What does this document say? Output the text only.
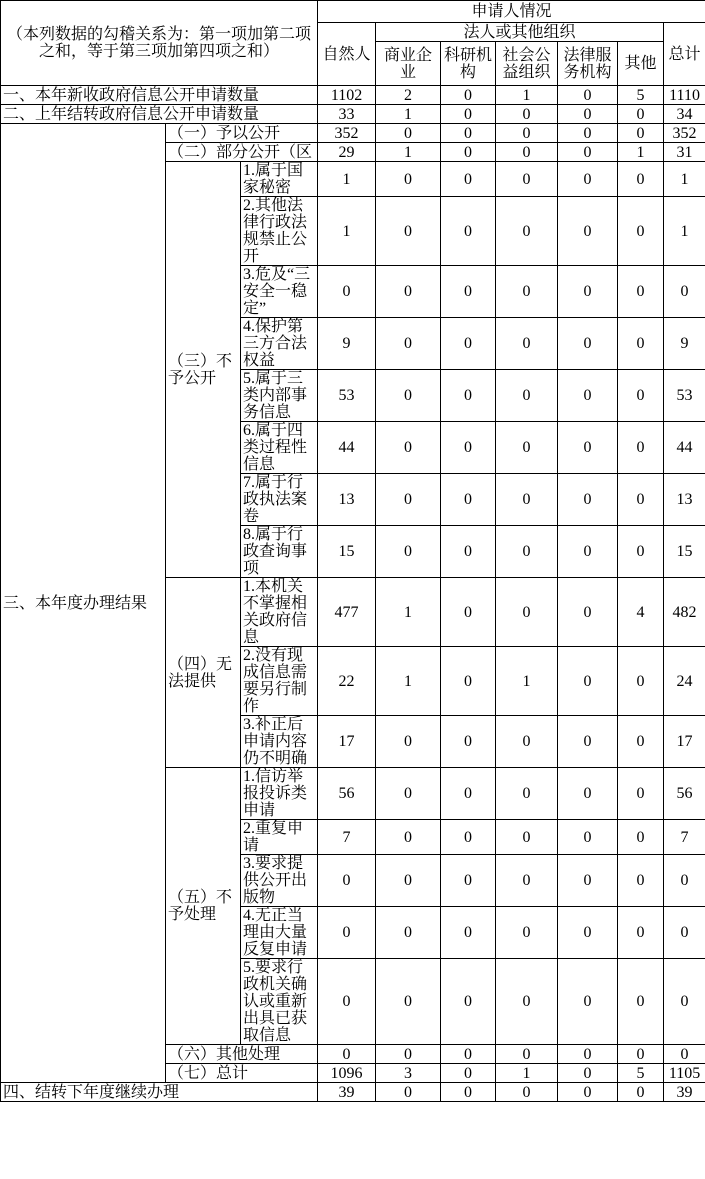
（本列数据的勾稽关系为：第一项加第二项之和，等于第三项加第四项之和）			申请人情况						
			自然人	法人或其他组织					总计
				商业企业	科研机构	社会公益组织	法律服务机构	其他	
一、本年新收政府信息公开申请数量			1102	2	0	1	0	5	1110
二、上年结转政府信息公开申请数量			33	1	0	0	0	0	34
三、本年度办理结果	（一）予以公开		352	0	0	0	0	0	352
	（二）部分公开（区		29	1	0	0	0	1	31
	（三）不予公开	1.属于国家秘密	1	0	0	0	0	0	1
		2.其他法律行政法规禁止公开	1	0	0	0	0	0	1
		3.危及“三安全一稳定”	0	0	0	0	0	0	0
		4.保护第三方合法权益	9	0	0	0	0	0	9
		5.属于三类内部事务信息	53	0	0	0	0	0	53
		6.属于四类过程性信息	44	0	0	0	0	0	44
		7.属于行政执法案卷	13	0	0	0	0	0	13
		8.属于行政查询事项	15	0	0	0	0	0	15
	（四）无法提供	1.本机关不掌握相关政府信息	477	1	0	0	0	4	482
		2.没有现成信息需要另行制作	22	1	0	1	0	0	24
		3.补正后申请内容仍不明确	17	0	0	0	0	0	17
	（五）不予处理	1.信访举报投诉类申请	56	0	0	0	0	0	56
		2.重复申请	7	0	0	0	0	0	7
		3.要求提供公开出版物	0	0	0	0	0	0	0
		4.无正当理由大量反复申请	0	0	0	0	0	0	0
		5.要求行政机关确认或重新出具已获取信息	0	0	0	0	0	0	0
	（六）其他处理		0	0	0	0	0	0	0
	（七）总计		1096	3	0	1	0	5	1105
四、结转下年度继续办理			39	0	0	0	0	0	39
